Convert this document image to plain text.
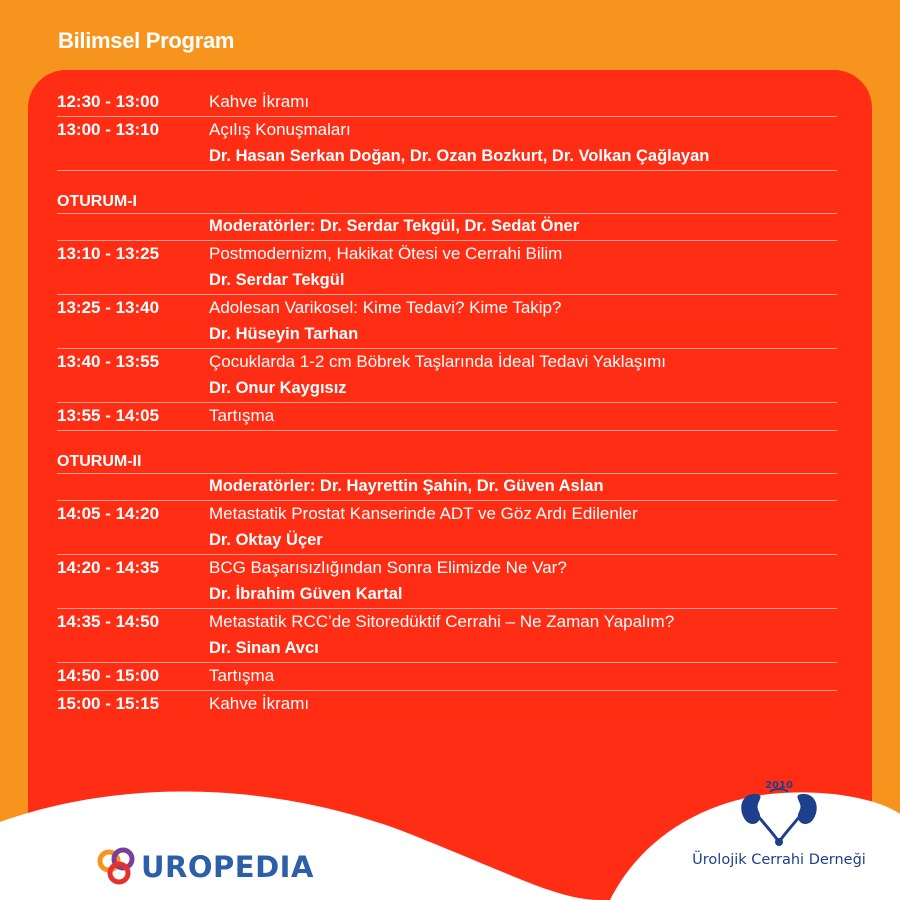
Bilimsel Program
12:30 - 13:00	Kahve İkramı
13:00 - 13:10	Açılış Konuşmaları
Dr. Hasan Serkan Doğan, Dr. Ozan Bozkurt, Dr. Volkan Çağlayan
OTURUM-I
Moderatörler: Dr. Serdar Tekgül, Dr. Sedat Öner
13:10 - 13:25	Postmodernizm, Hakikat Ötesi ve Cerrahi Bilim
Dr. Serdar Tekgül
13:25 - 13:40	Adolesan Varikosel: Kime Tedavi? Kime Takip?
Dr. Hüseyin Tarhan
13:40 - 13:55	Çocuklarda 1-2 cm Böbrek Taşlarında İdeal Tedavi Yaklaşımı
Dr. Onur Kaygısız
13:55 - 14:05	Tartışma
OTURUM-II
Moderatörler: Dr. Hayrettin Şahin, Dr. Güven Aslan
14:05 - 14:20	Metastatik Prostat Kanserinde ADT ve Göz Ardı Edilenler
Dr. Oktay Üçer
14:20 - 14:35	BCG Başarısızlığından Sonra Elimizde Ne Var?
Dr. İbrahim Güven Kartal
14:35 - 14:50	Metastatik RCC’de Sitoredüktif Cerrahi – Ne Zaman Yapalım?
Dr. Sinan Avcı
14:50 - 15:00	Tartışma
15:00 - 15:15	Kahve İkramı
UROPEDIA
2010
Ürolojik Cerrahi Derneği
